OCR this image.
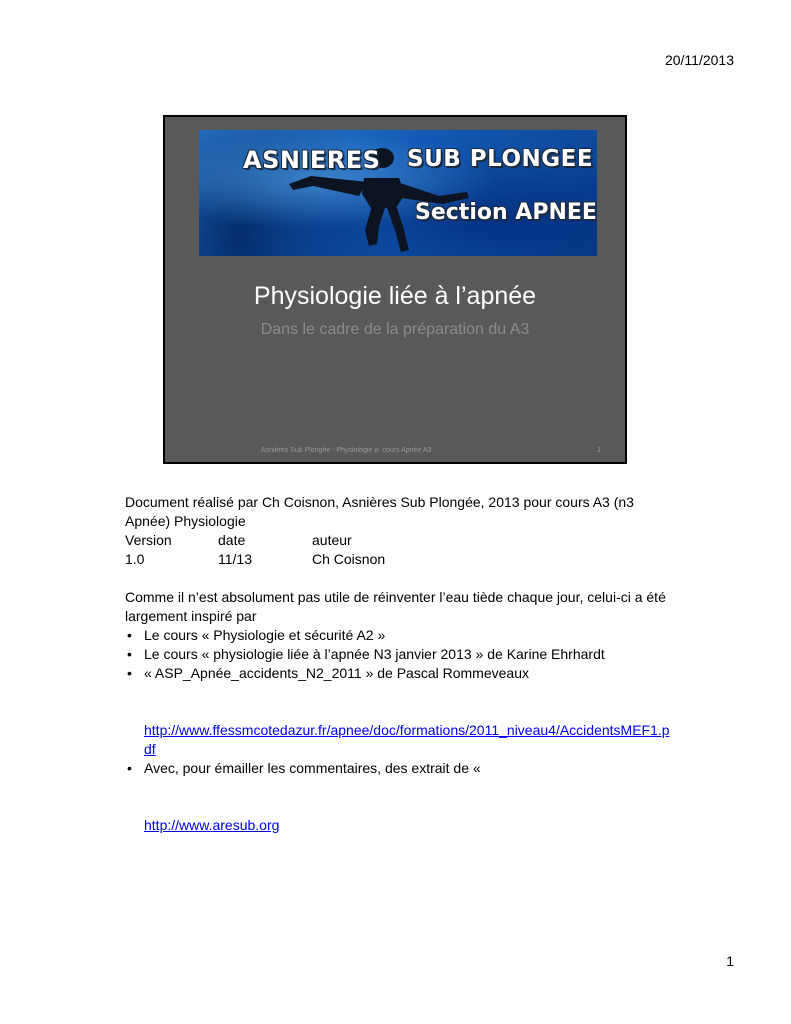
20/11/2013
ASNIERES SUB PLONGEE
Section APNEE
Physiologie liée à l’apnée
Dans le cadre de la préparation du A3
Asnières Sub Plongée - Physiologie a- cours Apnée A3	1

Document réalisé par Ch Coisnon, Asnières Sub Plongée, 2013 pour cours A3 (n3 Apnée) Physiologie

Version	date	auteur
1.0	11/13	Ch Coisnon

Comme il n’est absolument pas utile de réinventer l’eau tiède chaque jour, celui-ci a été largement inspiré par

• Le cours « Physiologie et sécurité A2 »
• Le cours « physiologie liée à l’apnée N3 janvier 2013 » de Karine Ehrhardt
• « ASP_Apnée_accidents_N2_2011 » de Pascal Rommeveaux
http://www.ffessmcotedazur.fr/apnee/doc/formations/2011_niveau4/AccidentsMEF1.pdf
• Avec, pour émailler les commentaires, des extrait de «
http://www.aresub.org
1
